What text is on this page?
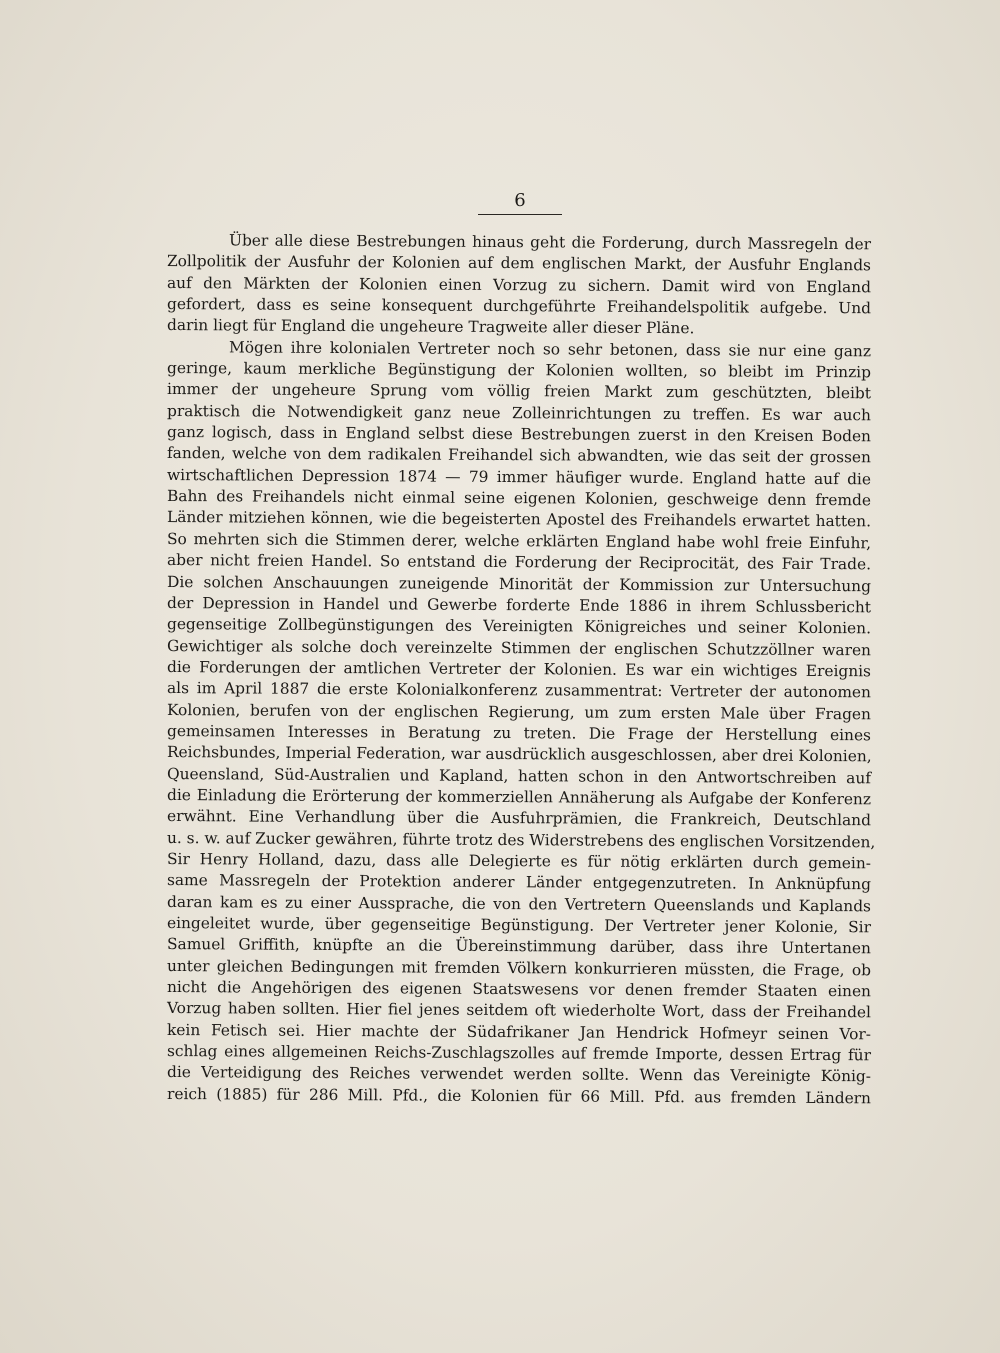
6
Über alle diese Bestrebungen hinaus geht die Forderung, durch Massregeln der
Zollpolitik der Ausfuhr der Kolonien auf dem englischen Markt, der Ausfuhr Englands
auf den Märkten der Kolonien einen Vorzug zu sichern. Damit wird von England
gefordert, dass es seine konsequent durchgeführte Freihandelspolitik aufgebe. Und
darin liegt für England die ungeheure Tragweite aller dieser Pläne.
Mögen ihre kolonialen Vertreter noch so sehr betonen, dass sie nur eine ganz
geringe, kaum merkliche Begünstigung der Kolonien wollten, so bleibt im Prinzip
immer der ungeheure Sprung vom völlig freien Markt zum geschützten, bleibt
praktisch die Notwendigkeit ganz neue Zolleinrichtungen zu treffen. Es war auch
ganz logisch, dass in England selbst diese Bestrebungen zuerst in den Kreisen Boden
fanden, welche von dem radikalen Freihandel sich abwandten, wie das seit der grossen
wirtschaftlichen Depression 1874 — 79 immer häufiger wurde. England hatte auf die
Bahn des Freihandels nicht einmal seine eigenen Kolonien, geschweige denn fremde
Länder mitziehen können, wie die begeisterten Apostel des Freihandels erwartet hatten.
So mehrten sich die Stimmen derer, welche erklärten England habe wohl freie Einfuhr,
aber nicht freien Handel. So entstand die Forderung der Reciprocität, des Fair Trade.
Die solchen Anschauungen zuneigende Minorität der Kommission zur Untersuchung
der Depression in Handel und Gewerbe forderte Ende 1886 in ihrem Schlussbericht
gegenseitige Zollbegünstigungen des Vereinigten Königreiches und seiner Kolonien.
Gewichtiger als solche doch vereinzelte Stimmen der englischen Schutzzöllner waren
die Forderungen der amtlichen Vertreter der Kolonien. Es war ein wichtiges Ereignis
als im April 1887 die erste Kolonialkonferenz zusammentrat: Vertreter der autonomen
Kolonien, berufen von der englischen Regierung, um zum ersten Male über Fragen
gemeinsamen Interesses in Beratung zu treten. Die Frage der Herstellung eines
Reichsbundes, Imperial Federation, war ausdrücklich ausgeschlossen, aber drei Kolonien,
Queensland, Süd-Australien und Kapland, hatten schon in den Antwortschreiben auf
die Einladung die Erörterung der kommerziellen Annäherung als Aufgabe der Konferenz
erwähnt. Eine Verhandlung über die Ausfuhrprämien, die Frankreich, Deutschland
u. s. w. auf Zucker gewähren, führte trotz des Widerstrebens des englischen Vorsitzenden,
Sir Henry Holland, dazu, dass alle Delegierte es für nötig erklärten durch gemein-
same Massregeln der Protektion anderer Länder entgegenzutreten. In Anknüpfung
daran kam es zu einer Aussprache, die von den Vertretern Queenslands und Kaplands
eingeleitet wurde, über gegenseitige Begünstigung. Der Vertreter jener Kolonie, Sir
Samuel Griffith, knüpfte an die Übereinstimmung darüber, dass ihre Untertanen
unter gleichen Bedingungen mit fremden Völkern konkurrieren müssten, die Frage, ob
nicht die Angehörigen des eigenen Staatswesens vor denen fremder Staaten einen
Vorzug haben sollten. Hier fiel jenes seitdem oft wiederholte Wort, dass der Freihandel
kein Fetisch sei. Hier machte der Südafrikaner Jan Hendrick Hofmeyr seinen Vor-
schlag eines allgemeinen Reichs-Zuschlagszolles auf fremde Importe, dessen Ertrag für
die Verteidigung des Reiches verwendet werden sollte. Wenn das Vereinigte König-
reich (1885) für 286 Mill. Pfd., die Kolonien für 66 Mill. Pfd. aus fremden Ländern
